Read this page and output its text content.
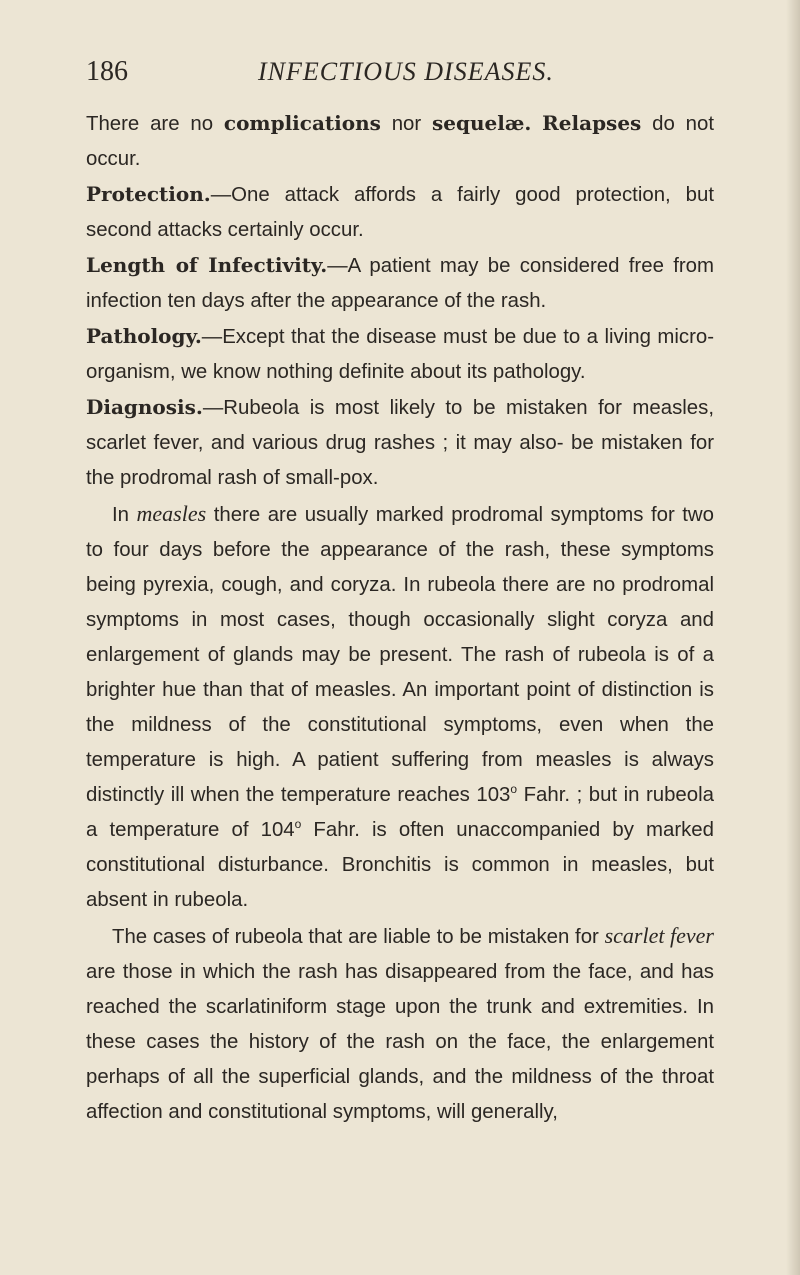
186	INFECTIOUS DISEASES.

There are no complications nor sequelæ. Relapses do not occur.

Protection.—One attack affords a fairly good protection, but second attacks certainly occur.

Length of Infectivity.—A patient may be considered free from infection ten days after the appearance of the rash.

Pathology.—Except that the disease must be due to a living micro-organism, we know nothing definite about its pathology.

Diagnosis.—Rubeola is most likely to be mistaken for measles, scarlet fever, and various drug rashes ; it may also- be mistaken for the prodromal rash of small-pox.

In measles there are usually marked prodromal symptoms for two to four days before the appearance of the rash, these symptoms being pyrexia, cough, and coryza. In rubeola there are no prodromal symptoms in most cases, though occasionally slight coryza and enlargement of glands may be present. The rash of rubeola is of a brighter hue than that of measles. An important point of distinction is the mildness of the constitutional symptoms, even when the temperature is high. A patient suffering from measles is always distinctly ill when the temperature reaches 103$^o$ Fahr. ; but in rubeola a temperature of 104$^o$ Fahr. is often unaccompanied by marked constitutional disturbance. Bronchitis is common in measles, but absent in rubeola.

The cases of rubeola that are liable to be mistaken for scarlet fever are those in which the rash has disappeared from the face, and has reached the scarlatiniform stage upon the trunk and extremities. In these cases the history of the rash on the face, the enlargement perhaps of all the superficial glands, and the mildness of the throat affection and constitutional symptoms, will generally,
